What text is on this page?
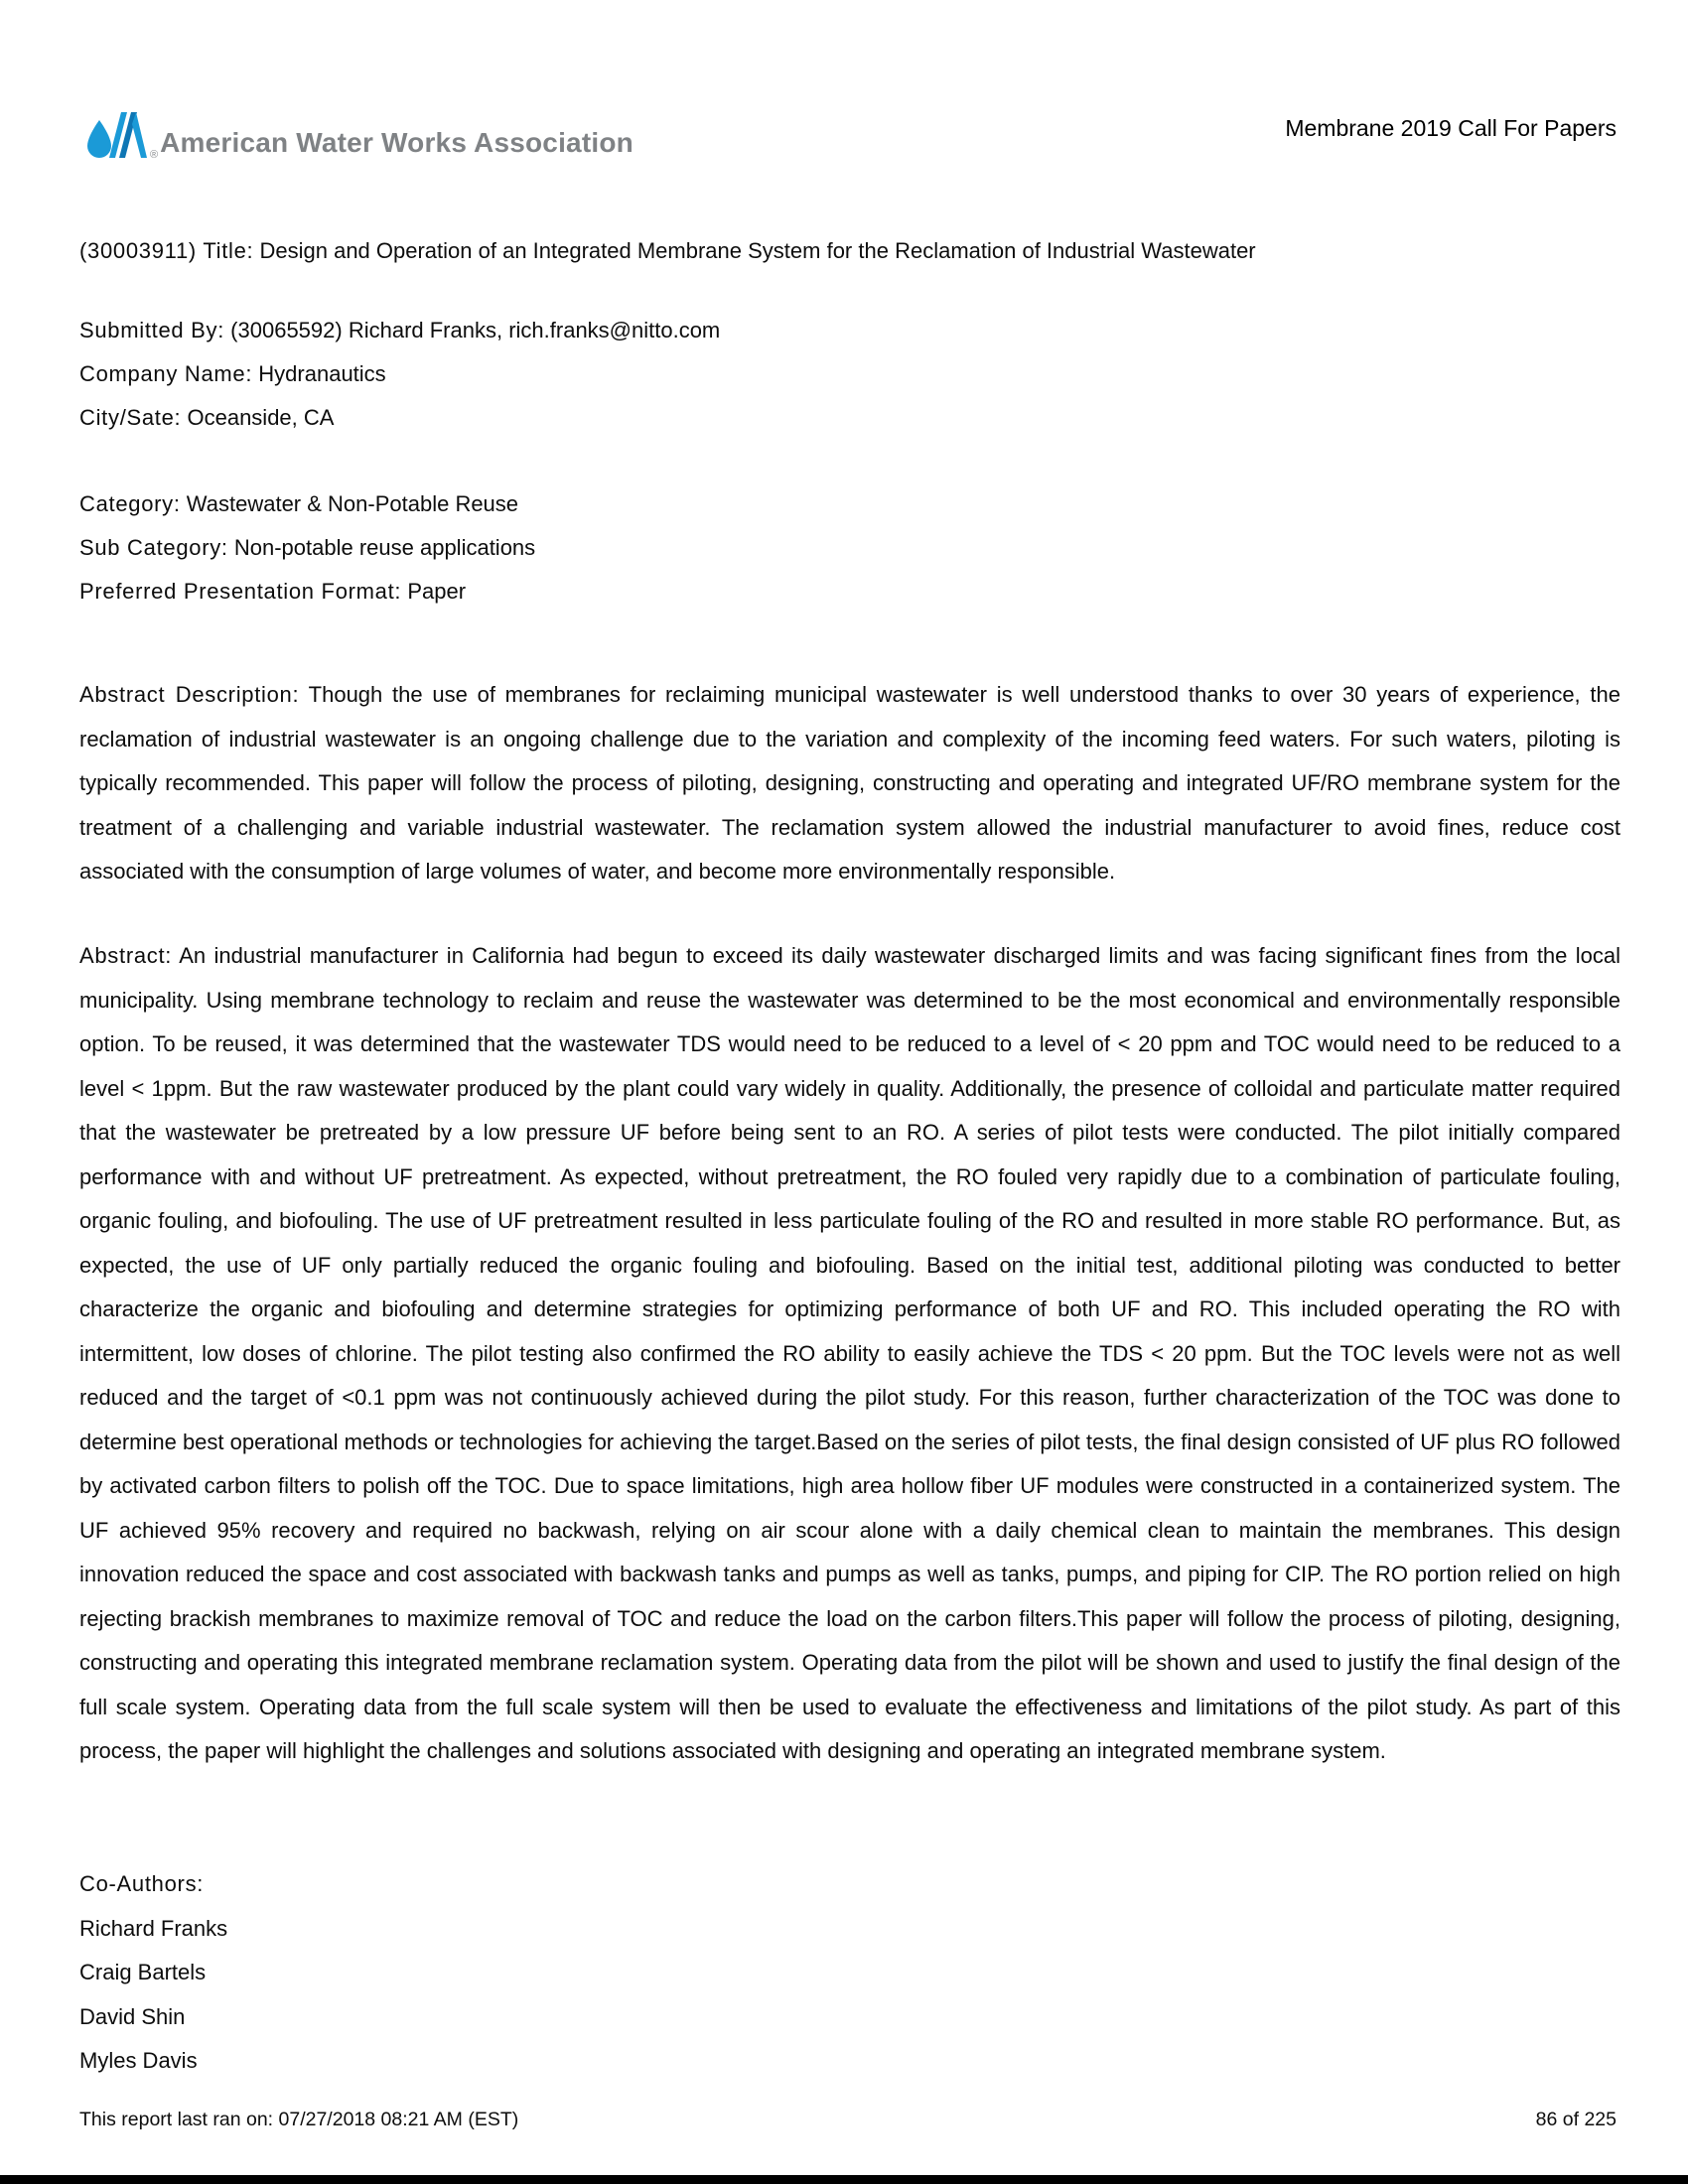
® American Water Works Association	Membrane 2019 Call For Papers
(30003911) Title: Design and Operation of an Integrated Membrane System for the Reclamation of Industrial Wastewater
Submitted By: (30065592) Richard Franks, rich.franks@nitto.com
Company Name: Hydranautics
City/Sate: Oceanside, CA
Category: Wastewater & Non-Potable Reuse
Sub Category: Non-potable reuse applications
Preferred Presentation Format: Paper
Abstract Description: Though the use of membranes for reclaiming municipal wastewater is well understood thanks to over 30 years of experience, the reclamation of industrial wastewater is an ongoing challenge due to the variation and complexity of the incoming feed waters. For such waters, piloting is typically recommended. This paper will follow the process of piloting, designing, constructing and operating and integrated UF/RO membrane system for the treatment of a challenging and variable industrial wastewater. The reclamation system allowed the industrial manufacturer to avoid fines, reduce cost associated with the consumption of large volumes of water, and become more environmentally responsible.
Abstract: An industrial manufacturer in California had begun to exceed its daily wastewater discharged limits and was facing significant fines from the local municipality. Using membrane technology to reclaim and reuse the wastewater was determined to be the most economical and environmentally responsible option. To be reused, it was determined that the wastewater TDS would need to be reduced to a level of < 20 ppm and TOC would need to be reduced to a level < 1ppm. But the raw wastewater produced by the plant could vary widely in quality. Additionally, the presence of colloidal and particulate matter required that the wastewater be pretreated by a low pressure UF before being sent to an RO. A series of pilot tests were conducted. The pilot initially compared performance with and without UF pretreatment. As expected, without pretreatment, the RO fouled very rapidly due to a combination of particulate fouling, organic fouling, and biofouling. The use of UF pretreatment resulted in less particulate fouling of the RO and resulted in more stable RO performance. But, as expected, the use of UF only partially reduced the organic fouling and biofouling. Based on the initial test, additional piloting was conducted to better characterize the organic and biofouling and determine strategies for optimizing performance of both UF and RO. This included operating the RO with intermittent, low doses of chlorine. The pilot testing also confirmed the RO ability to easily achieve the TDS < 20 ppm. But the TOC levels were not as well reduced and the target of <0.1 ppm was not continuously achieved during the pilot study. For this reason, further characterization of the TOC was done to determine best operational methods or technologies for achieving the target.Based on the series of pilot tests, the final design consisted of UF plus RO followed by activated carbon filters to polish off the TOC. Due to space limitations, high area hollow fiber UF modules were constructed in a containerized system. The UF achieved 95% recovery and required no backwash, relying on air scour alone with a daily chemical clean to maintain the membranes. This design innovation reduced the space and cost associated with backwash tanks and pumps as well as tanks, pumps, and piping for CIP. The RO portion relied on high rejecting brackish membranes to maximize removal of TOC and reduce the load on the carbon filters.This paper will follow the process of piloting, designing, constructing and operating this integrated membrane reclamation system. Operating data from the pilot will be shown and used to justify the final design of the full scale system. Operating data from the full scale system will then be used to evaluate the effectiveness and limitations of the pilot study. As part of this process, the paper will highlight the challenges and solutions associated with designing and operating an integrated membrane system.
Co-Authors:
Richard Franks
Craig Bartels
David Shin
Myles Davis
This report last ran on: 07/27/2018 08:21 AM (EST)	86 of 225
